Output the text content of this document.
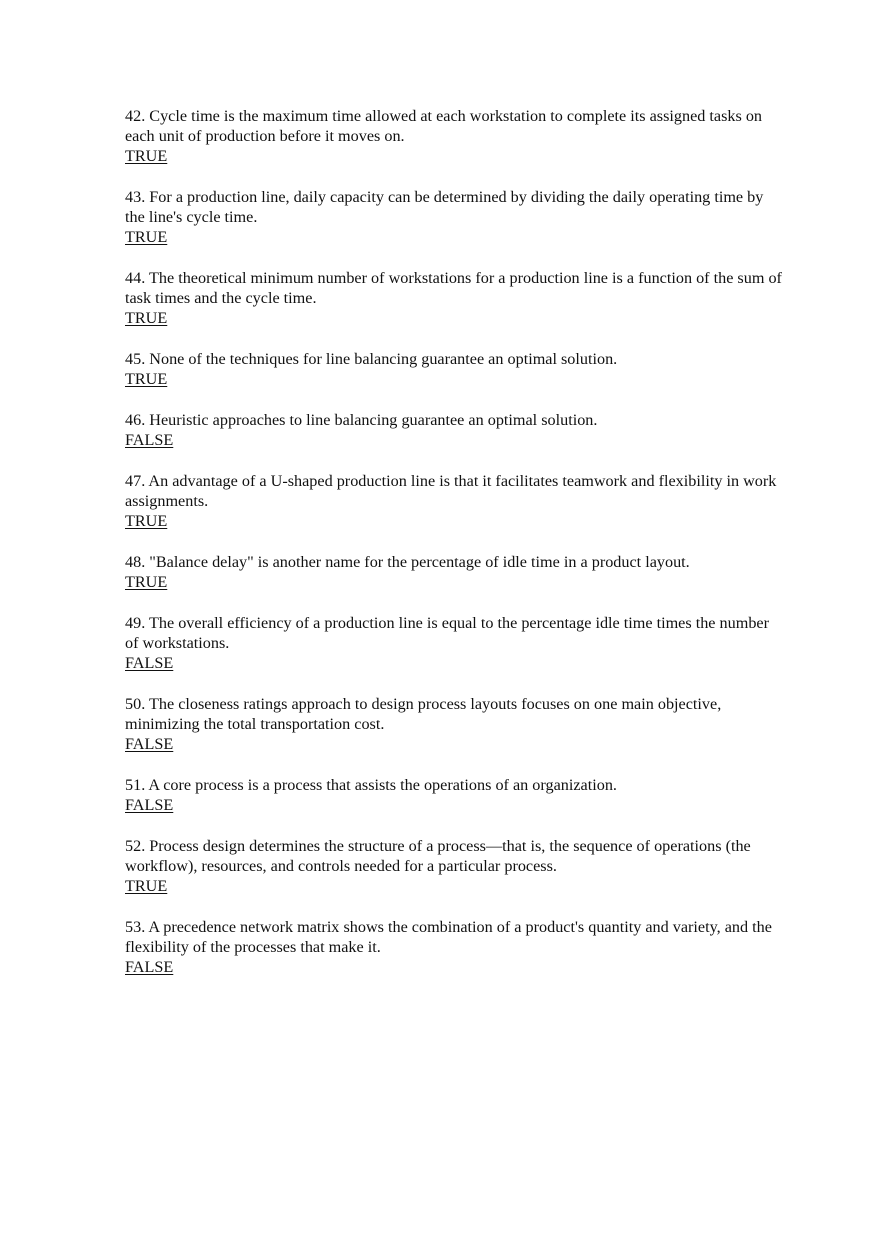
42. Cycle time is the maximum time allowed at each workstation to complete its assigned tasks on each unit of production before it moves on.

TRUE

43. For a production line, daily capacity can be determined by dividing the daily operating time by the line's cycle time.

TRUE

44. The theoretical minimum number of workstations for a production line is a function of the sum of task times and the cycle time.

TRUE

45. None of the techniques for line balancing guarantee an optimal solution.

TRUE

46. Heuristic approaches to line balancing guarantee an optimal solution.

FALSE

47. An advantage of a U-shaped production line is that it facilitates teamwork and flexibility in work assignments.

TRUE

48. "Balance delay" is another name for the percentage of idle time in a product layout.

TRUE

49. The overall efficiency of a production line is equal to the percentage idle time times the number of workstations.

FALSE

50. The closeness ratings approach to design process layouts focuses on one main objective, minimizing the total transportation cost.

FALSE

51. A core process is a process that assists the operations of an organization.

FALSE

52. Process design determines the structure of a process—that is, the sequence of operations (the workflow), resources, and controls needed for a particular process.

TRUE

53. A precedence network matrix shows the combination of a product's quantity and variety, and the flexibility of the processes that make it.

FALSE
